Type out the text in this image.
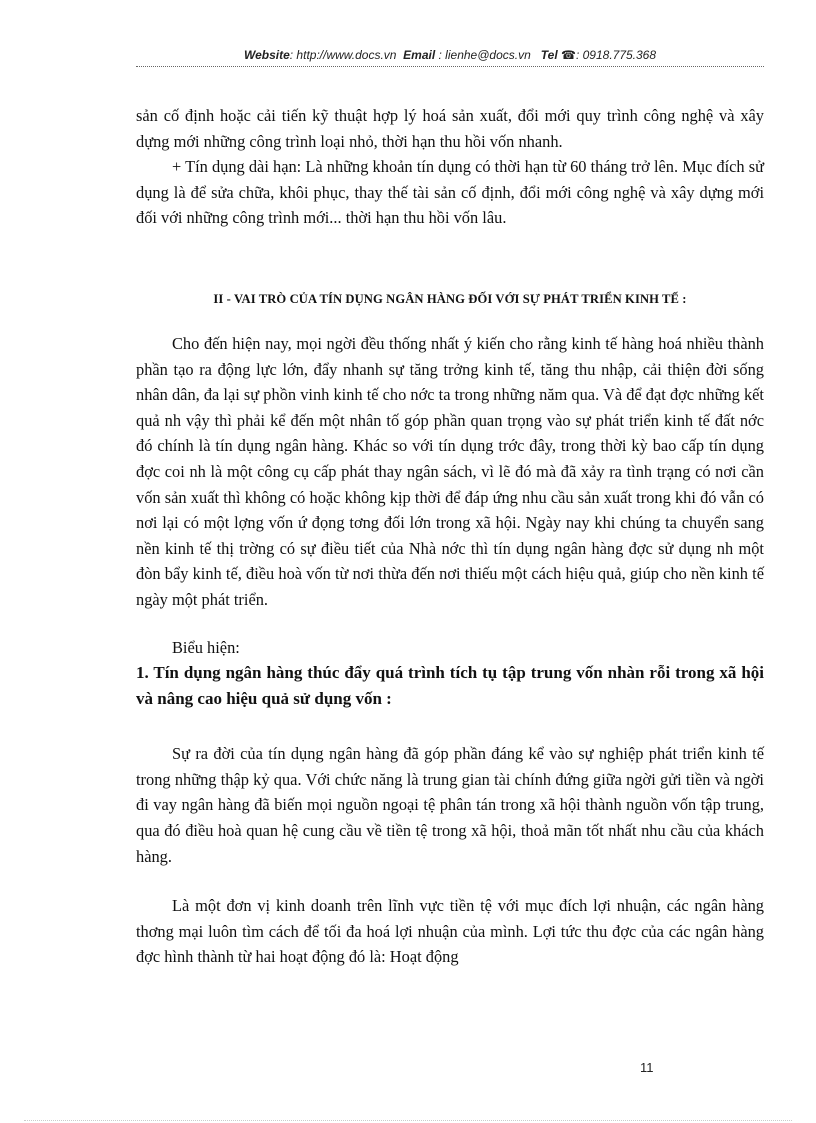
Website: http://www.docs.vn Email : lienhe@docs.vn Tel ☎: 0918.775.368

sản cố định hoặc cải tiến kỹ thuật hợp lý hoá sản xuất, đổi mới quy trình công nghệ và xây dựng mới những công trình loại nhỏ, thời hạn thu hồi vốn nhanh.

+ Tín dụng dài hạn: Là những khoản tín dụng có thời hạn từ 60 tháng trở lên. Mục đích sử dụng là để sửa chữa, khôi phục, thay thế tài sản cố định, đổi mới công nghệ và xây dựng mới đối với những công trình mới... thời hạn thu hồi vốn lâu.

II - VAI TRÒ CỦA TÍN DỤNG NGÂN HÀNG ĐỐI VỚI SỰ PHÁT TRIỂN KINH TẾ :

Cho đến hiện nay, mọi ngời đều thống nhất ý kiến cho rằng kinh tế hàng hoá nhiều thành phần tạo ra động lực lớn, đẩy nhanh sự tăng trởng kinh tế, tăng thu nhập, cải thiện đời sống nhân dân, đa lại sự phồn vinh kinh tế cho nớc ta trong những năm qua. Và để đạt đợc những kết quả nh vậy thì phải kể đến một nhân tố góp phần quan trọng vào sự phát triển kinh tế đất nớc đó chính là tín dụng ngân hàng. Khác so với tín dụng trớc đây, trong thời kỳ bao cấp tín dụng đợc coi nh là một công cụ cấp phát thay ngân sách, vì lẽ đó mà đã xảy ra tình trạng có nơi cần vốn sản xuất thì không có hoặc không kịp thời để đáp ứng nhu cầu sản xuất trong khi đó vẫn có nơi lại có một lợng vốn ứ đọng tơng đối lớn trong xã hội. Ngày nay khi chúng ta chuyển sang nền kinh tế thị trờng có sự điều tiết của Nhà nớc thì tín dụng ngân hàng đợc sử dụng nh một đòn bẩy kinh tế, điều hoà vốn từ nơi thừa đến nơi thiếu một cách hiệu quả, giúp cho nền kinh tế ngày một phát triển.

Biểu hiện:

1. Tín dụng ngân hàng thúc đẩy quá trình tích tụ tập trung vốn nhàn rỗi trong xã hội và nâng cao hiệu quả sử dụng vốn :

Sự ra đời của tín dụng ngân hàng đã góp phần đáng kể vào sự nghiệp phát triển kinh tế trong những thập kỷ qua. Với chức năng là trung gian tài chính đứng giữa ngời gửi tiền và ngời đi vay ngân hàng đã biến mọi nguồn ngoại tệ phân tán trong xã hội thành nguồn vốn tập trung, qua đó điều hoà quan hệ cung cầu về tiền tệ trong xã hội, thoả mãn tốt nhất nhu cầu của khách hàng.

Là một đơn vị kinh doanh trên lĩnh vực tiền tệ với mục đích lợi nhuận, các ngân hàng thơng mại luôn tìm cách để tối đa hoá lợi nhuận của mình. Lợi tức thu đợc của các ngân hàng đợc hình thành từ hai hoạt động đó là: Hoạt động

11
